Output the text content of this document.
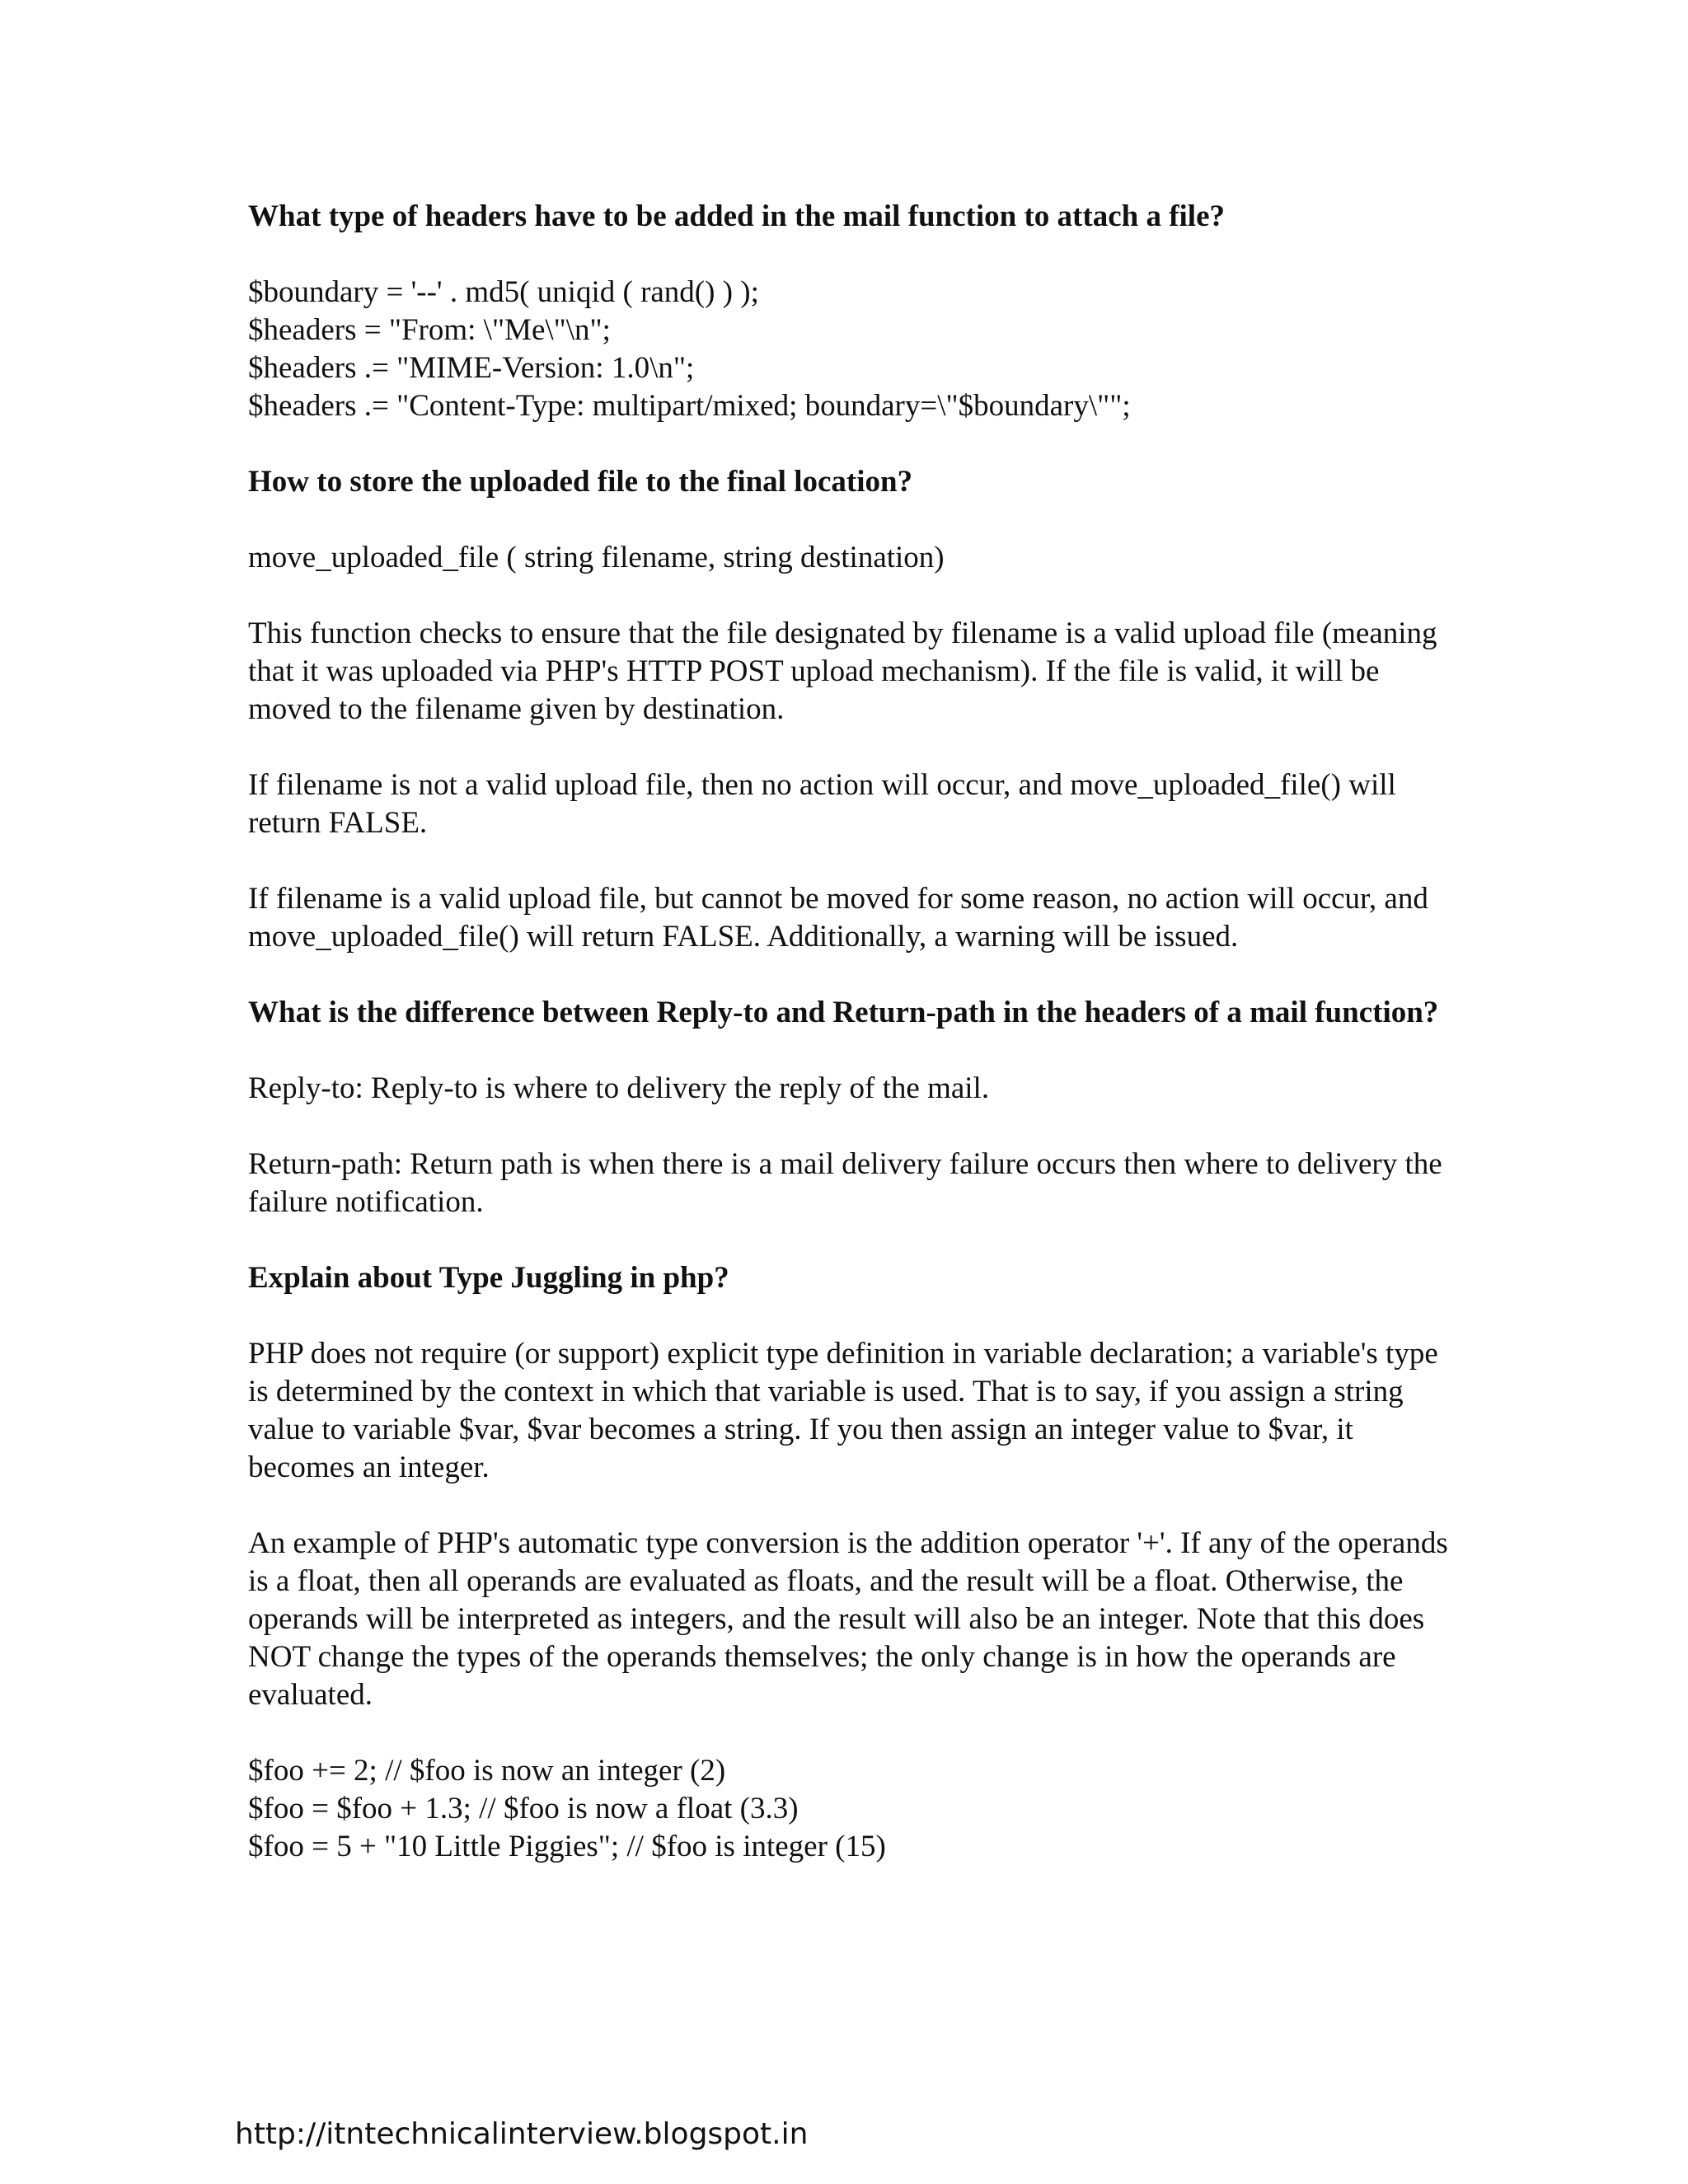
What type of headers have to be added in the mail function to attach a file?
$boundary = '--' . md5( uniqid ( rand() ) );
$headers = "From: \"Me\"\n";
$headers .= "MIME-Version: 1.0\n";
$headers .= "Content-Type: multipart/mixed; boundary=\"$boundary\"";
How to store the uploaded file to the final location?
move_uploaded_file ( string filename, string destination)
This function checks to ensure that the file designated by filename is a valid upload file (meaning that it was uploaded via PHP's HTTP POST upload mechanism). If the file is valid, it will be moved to the filename given by destination.
If filename is not a valid upload file, then no action will occur, and move_uploaded_file() will return FALSE.
If filename is a valid upload file, but cannot be moved for some reason, no action will occur, and move_uploaded_file() will return FALSE. Additionally, a warning will be issued.
What is the difference between Reply-to and Return-path in the headers of a mail function?
Reply-to: Reply-to is where to delivery the reply of the mail.
Return-path: Return path is when there is a mail delivery failure occurs then where to delivery the failure notification.
Explain about Type Juggling in php?
PHP does not require (or support) explicit type definition in variable declaration; a variable's type is determined by the context in which that variable is used. That is to say, if you assign a string value to variable $var, $var becomes a string. If you then assign an integer value to $var, it becomes an integer.
An example of PHP's automatic type conversion is the addition operator '+'. If any of the operands is a float, then all operands are evaluated as floats, and the result will be a float. Otherwise, the operands will be interpreted as integers, and the result will also be an integer. Note that this does NOT change the types of the operands themselves; the only change is in how the operands are evaluated.
$foo += 2; // $foo is now an integer (2)
$foo = $foo + 1.3; // $foo is now a float (3.3)
$foo = 5 + "10 Little Piggies"; // $foo is integer (15)
http://itntechnicalinterview.blogspot.in
